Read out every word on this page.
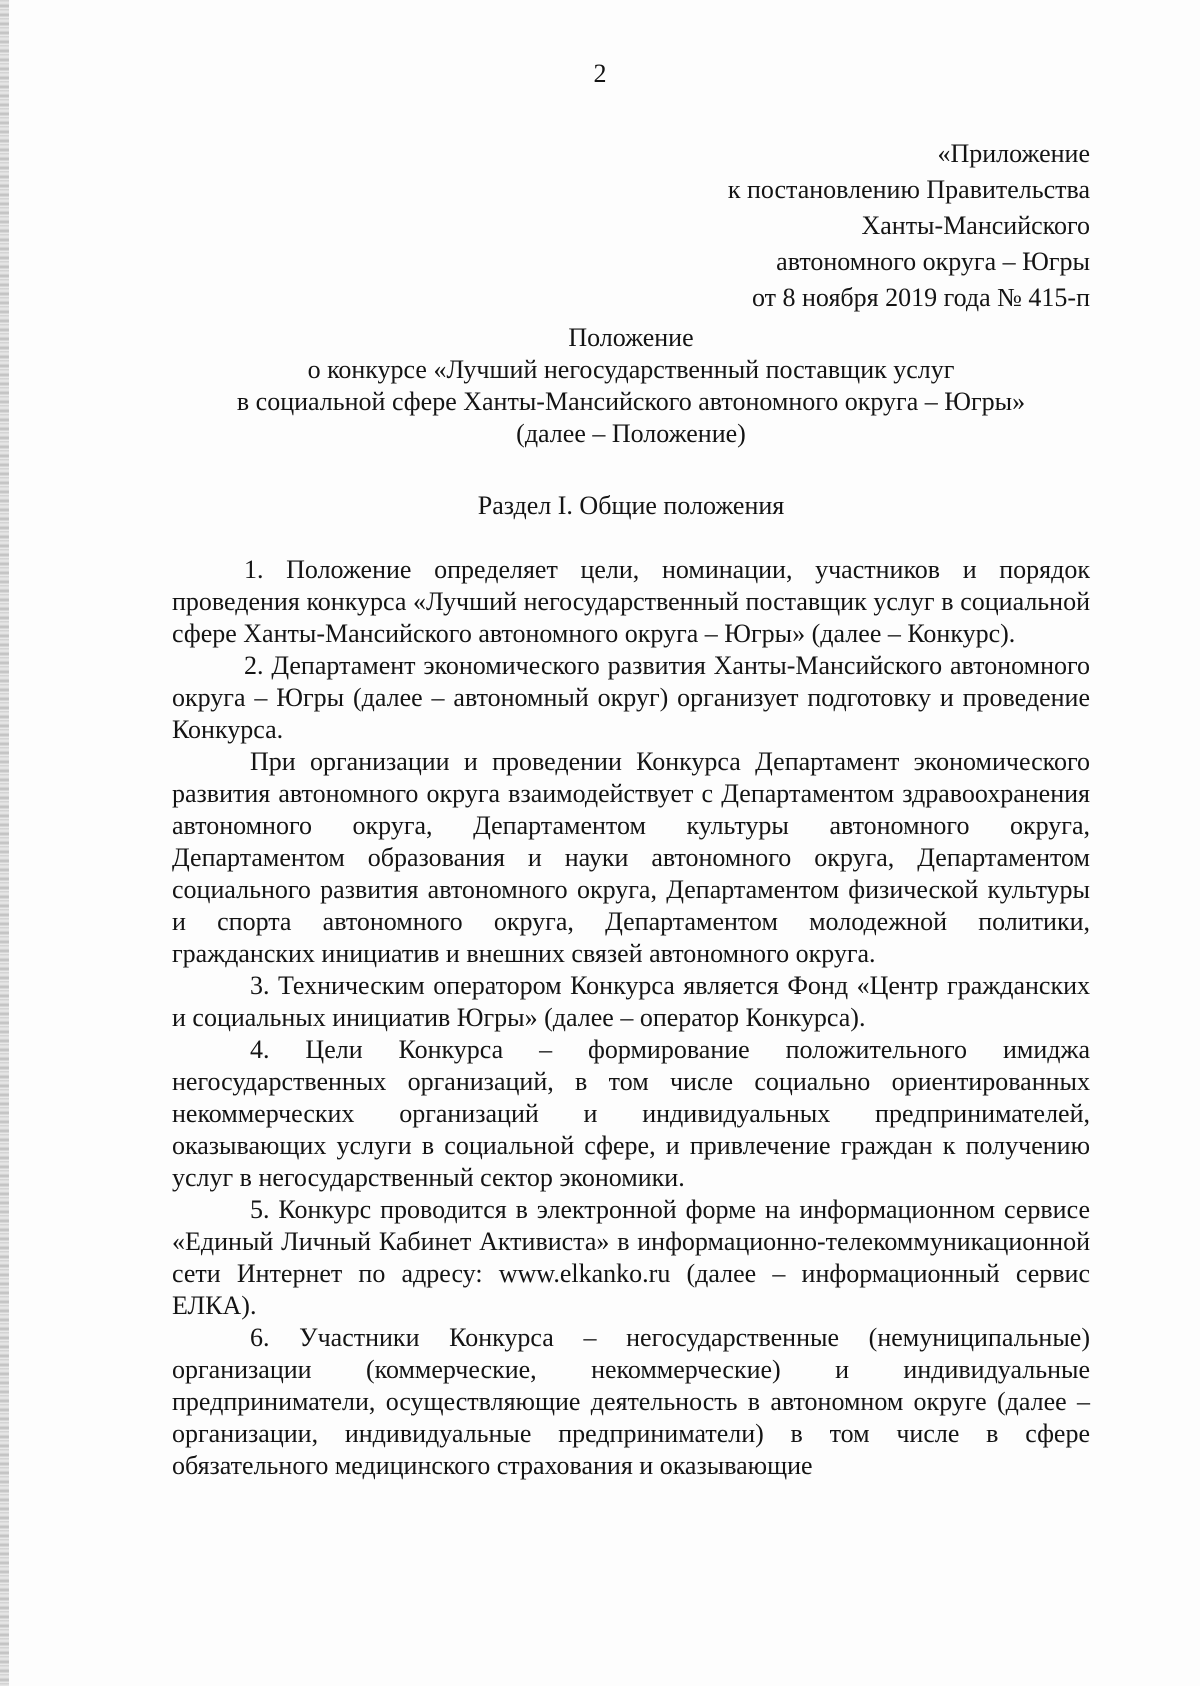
2
«Приложение
к постановлению Правительства
Ханты-Мансийского
автономного округа – Югры
от 8 ноября 2019 года № 415-п
Положение
о конкурсе «Лучший негосударственный поставщик услуг
в социальной сфере Ханты-Мансийского автономного округа – Югры»
(далее – Положение)
Раздел I. Общие положения

1. Положение определяет цели, номинации, участников и порядок проведения конкурса «Лучший негосударственный поставщик услуг в социальной сфере Ханты-Мансийского автономного округа – Югры» (далее – Конкурс).

2. Департамент экономического развития Ханты-Мансийского автономного округа – Югры (далее – автономный округ) организует подготовку и проведение Конкурса.

При организации и проведении Конкурса Департамент экономического развития автономного округа взаимодействует с Департаментом здравоохранения автономного округа, Департаментом культуры автономного округа, Департаментом образования и науки автономного округа, Департаментом социального развития автономного округа, Департаментом физической культуры и спорта автономного округа, Департаментом молодежной политики, гражданских инициатив и внешних связей автономного округа.

3. Техническим оператором Конкурса является Фонд «Центр гражданских и социальных инициатив Югры» (далее – оператор Конкурса).

4. Цели Конкурса – формирование положительного имиджа негосударственных организаций, в том числе социально ориентированных некоммерческих организаций и индивидуальных предпринимателей, оказывающих услуги в социальной сфере, и привлечение граждан к получению услуг в негосударственный сектор экономики.

5. Конкурс проводится в электронной форме на информационном сервисе «Единый Личный Кабинет Активиста» в информационно-телекоммуникационной сети Интернет по адресу: www.elkanko.ru (далее – информационный сервис ЕЛКА).

6. Участники Конкурса – негосударственные (немуниципальные) организации (коммерческие, некоммерческие) и индивидуальные предприниматели, осуществляющие деятельность в автономном округе (далее – организации, индивидуальные предприниматели) в том числе в сфере обязательного медицинского страхования и оказывающие
